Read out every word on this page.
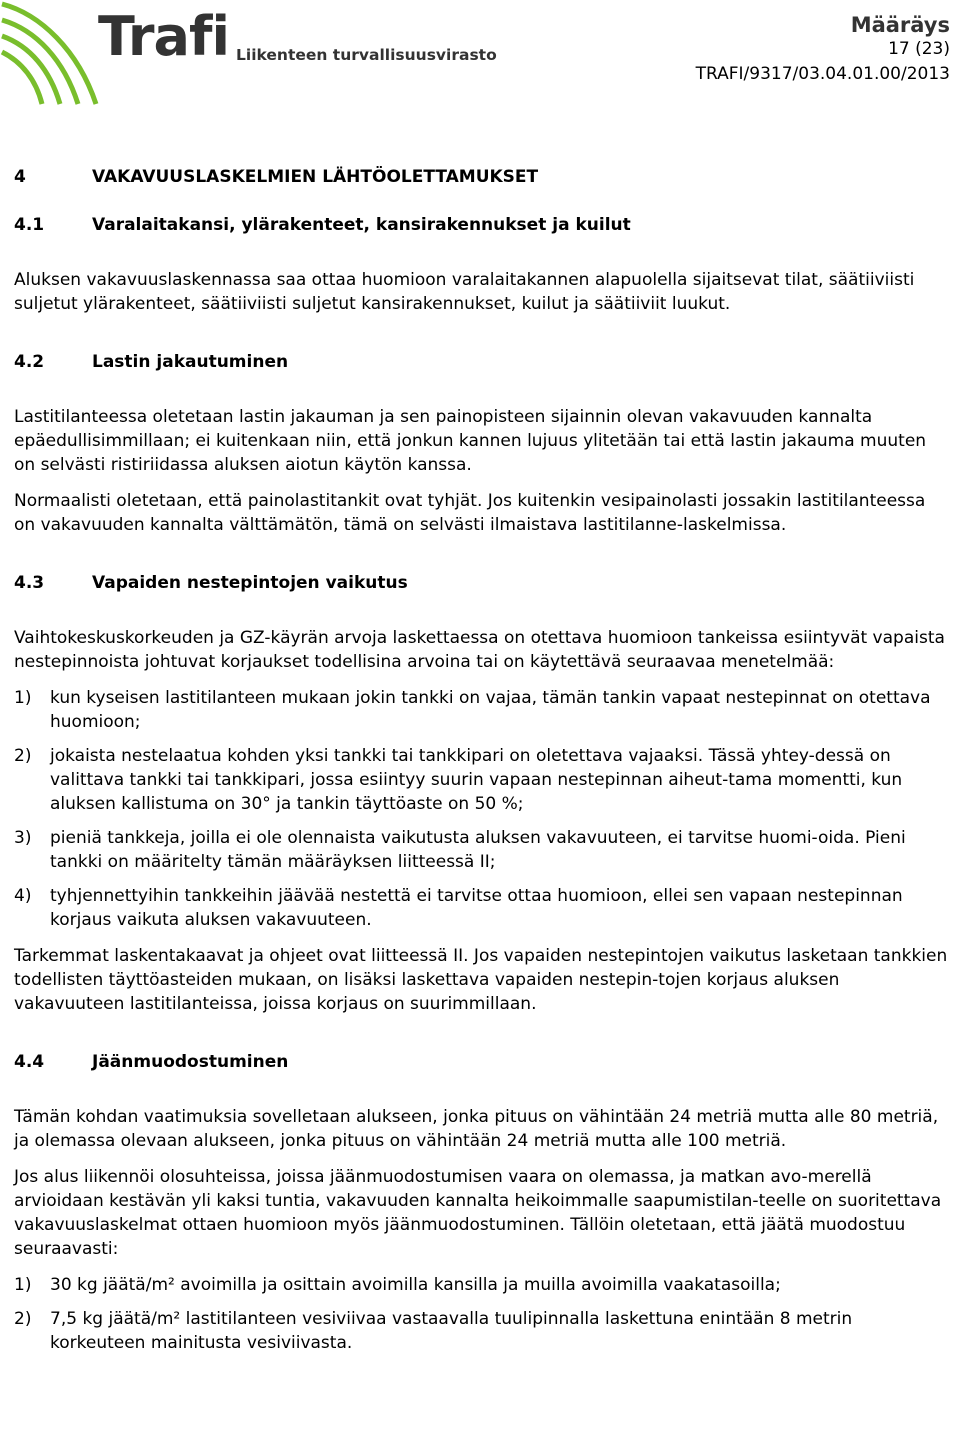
Trafi Liikenteen turvallisuusvirasto
Määräys
17 (23)
TRAFI/9317/03.04.01.00/2013
4	VAKAVUUSLASKELMIEN LÄHTÖOLETTAMUKSET
4.1	Varalaitakansi, ylärakenteet, kansirakennukset ja kuilut

Aluksen vakavuuslaskennassa saa ottaa huomioon varalaitakannen alapuolella sijaitsevat tilat, säätiiviisti suljetut ylärakenteet, säätiiviisti suljetut kansirakennukset, kuilut ja säätiiviit luukut.

4.2	Lastin jakautuminen

Lastitilanteessa oletetaan lastin jakauman ja sen painopisteen sijainnin olevan vakavuuden kannalta epäedullisimmillaan; ei kuitenkaan niin, että jonkun kannen lujuus ylitetään tai että lastin jakauma muuten on selvästi ristiriidassa aluksen aiotun käytön kanssa.

Normaalisti oletetaan, että painolastitankit ovat tyhjät. Jos kuitenkin vesipainolasti jossakin lastitilanteessa on vakavuuden kannalta välttämätön, tämä on selvästi ilmaistava lastitilanne-laskelmissa.

4.3	Vapaiden nestepintojen vaikutus

Vaihtokeskuskorkeuden ja GZ-käyrän arvoja laskettaessa on otettava huomioon tankeissa esiintyvät vapaista nestepinnoista johtuvat korjaukset todellisina arvoina tai on käytettävä seuraavaa menetelmää:

1) kun kyseisen lastitilanteen mukaan jokin tankki on vajaa, tämän tankin vapaat nestepinnat on otettava huomioon;
2) jokaista nestelaatua kohden yksi tankki tai tankkipari on oletettava vajaaksi. Tässä yhtey-dessä on valittava tankki tai tankkipari, jossa esiintyy suurin vapaan nestepinnan aiheut-tama momentti, kun aluksen kallistuma on 30° ja tankin täyttöaste on 50 %;
3) pieniä tankkeja, joilla ei ole olennaista vaikutusta aluksen vakavuuteen, ei tarvitse huomi-oida. Pieni tankki on määritelty tämän määräyksen liitteessä II;
4) tyhjennettyihin tankkeihin jäävää nestettä ei tarvitse ottaa huomioon, ellei sen vapaan nestepinnan korjaus vaikuta aluksen vakavuuteen.

Tarkemmat laskentakaavat ja ohjeet ovat liitteessä II. Jos vapaiden nestepintojen vaikutus lasketaan tankkien todellisten täyttöasteiden mukaan, on lisäksi laskettava vapaiden nestepin-tojen korjaus aluksen vakavuuteen lastitilanteissa, joissa korjaus on suurimmillaan.

4.4	Jäänmuodostuminen

Tämän kohdan vaatimuksia sovelletaan alukseen, jonka pituus on vähintään 24 metriä mutta alle 80 metriä, ja olemassa olevaan alukseen, jonka pituus on vähintään 24 metriä mutta alle 100 metriä.

Jos alus liikennöi olosuhteissa, joissa jäänmuodostumisen vaara on olemassa, ja matkan avo-merellä arvioidaan kestävän yli kaksi tuntia, vakavuuden kannalta heikoimmalle saapumistilan-teelle on suoritettava vakavuuslaskelmat ottaen huomioon myös jäänmuodostuminen. Tällöin oletetaan, että jäätä muodostuu seuraavasti:

1) 30 kg jäätä/m² avoimilla ja osittain avoimilla kansilla ja muilla avoimilla vaakatasoilla;
2) 7,5 kg jäätä/m² lastitilanteen vesiviivaa vastaavalla tuulipinnalla laskettuna enintään 8 metrin korkeuteen mainitusta vesiviivasta.
